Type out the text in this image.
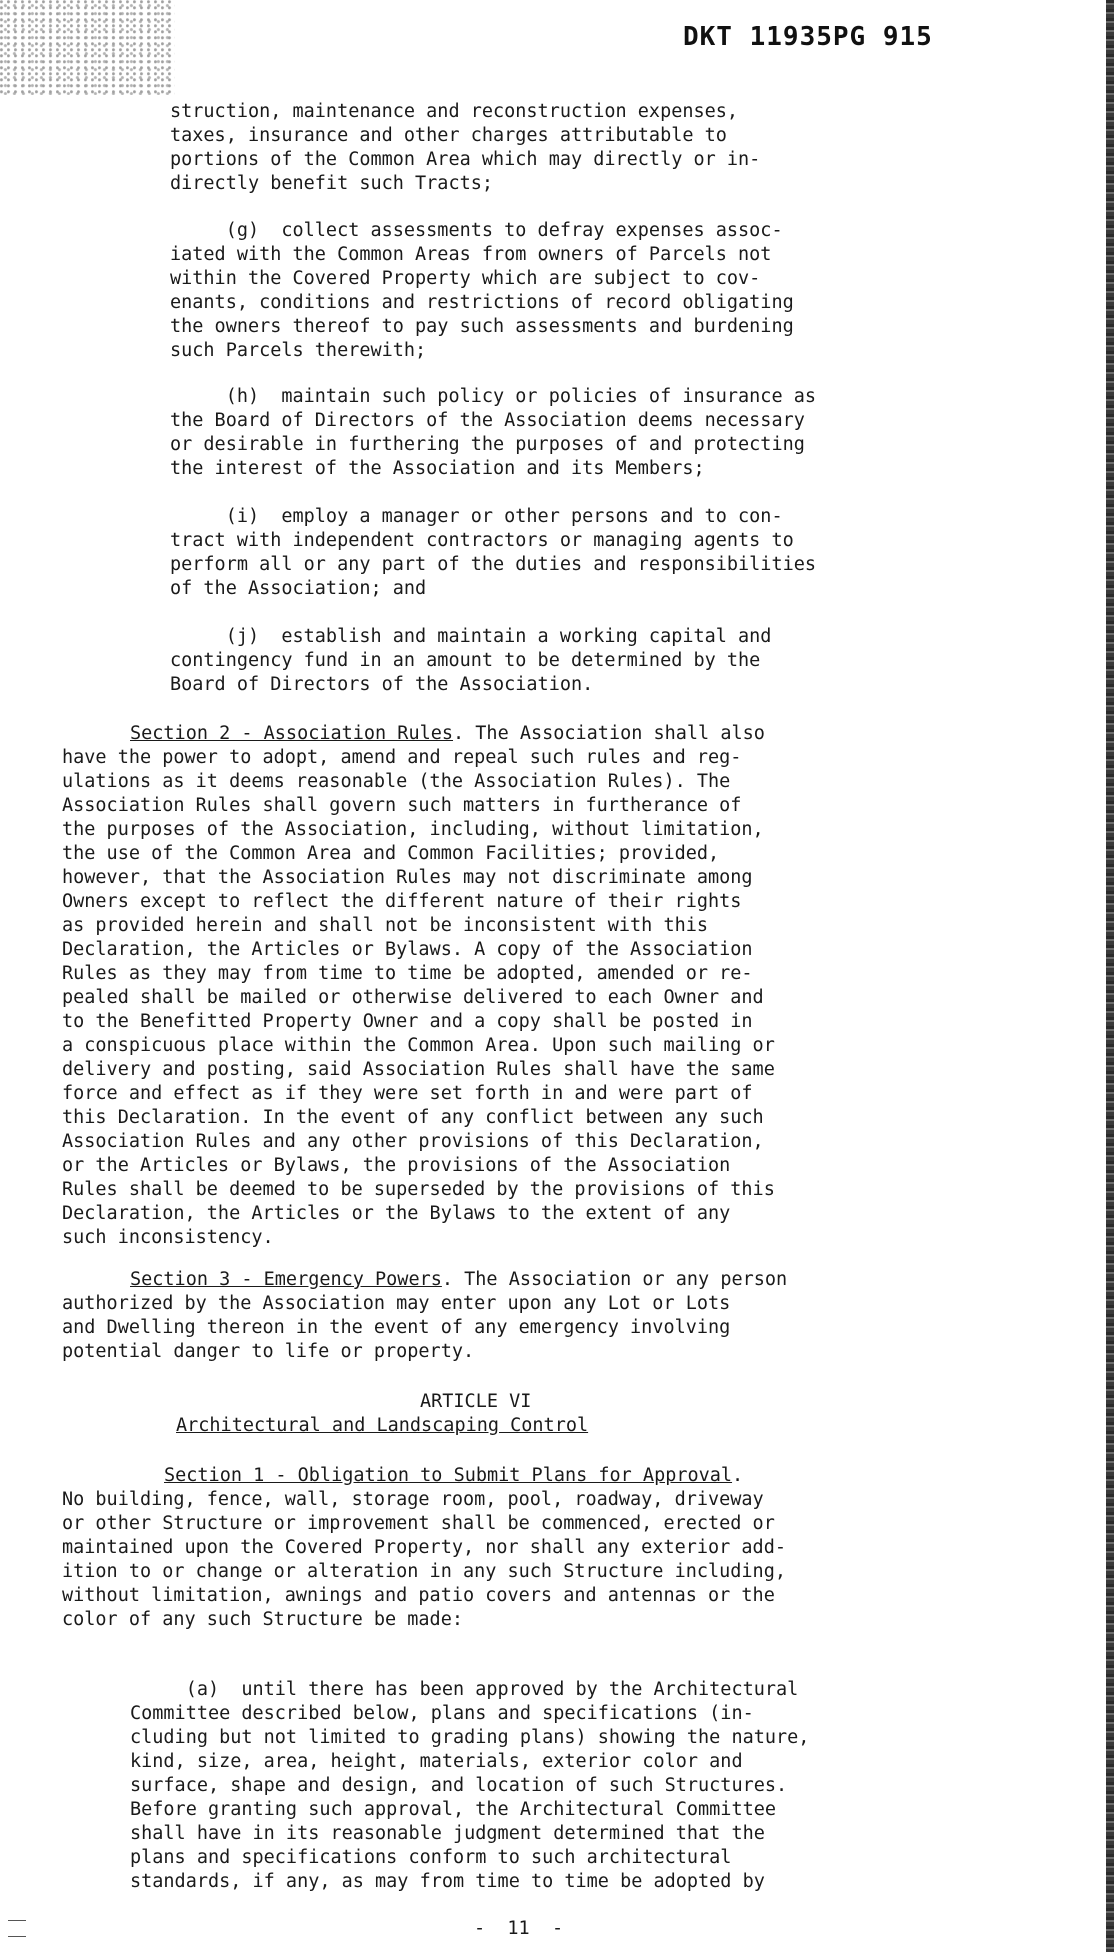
DKT 11935PG 915

struction, maintenance and reconstruction expenses,
taxes, insurance and other charges attributable to
portions of the Common Area which may directly or in-
directly benefit such Tracts;

(g)  collect assessments to defray expenses assoc-
iated with the Common Areas from owners of Parcels not
within the Covered Property which are subject to cov-
enants, conditions and restrictions of record obligating
the owners thereof to pay such assessments and burdening
such Parcels therewith;

(h)  maintain such policy or policies of insurance as
the Board of Directors of the Association deems necessary
or desirable in furthering the purposes of and protecting
the interest of the Association and its Members;

(i)  employ a manager or other persons and to con-
tract with independent contractors or managing agents to
perform all or any part of the duties and responsibilities
of the Association; and

(j)  establish and maintain a working capital and
contingency fund in an amount to be determined by the
Board of Directors of the Association.

Section 2 - Association Rules. The Association shall also

have the power to adopt, amend and repeal such rules and reg-
ulations as it deems reasonable (the Association Rules). The
Association Rules shall govern such matters in furtherance of
the purposes of the Association, including, without limitation,
the use of the Common Area and Common Facilities; provided,
however, that the Association Rules may not discriminate among
Owners except to reflect the different nature of their rights
as provided herein and shall not be inconsistent with this
Declaration, the Articles or Bylaws. A copy of the Association
Rules as they may from time to time be adopted, amended or re-
pealed shall be mailed or otherwise delivered to each Owner and
to the Benefitted Property Owner and a copy shall be posted in
a conspicuous place within the Common Area. Upon such mailing or
delivery and posting, said Association Rules shall have the same
force and effect as if they were set forth in and were part of
this Declaration. In the event of any conflict between any such
Association Rules and any other provisions of this Declaration,
or the Articles or Bylaws, the provisions of the Association
Rules shall be deemed to be superseded by the provisions of this
Declaration, the Articles or the Bylaws to the extent of any
such inconsistency.

Section 3 - Emergency Powers. The Association or any person

authorized by the Association may enter upon any Lot or Lots
and Dwelling thereon in the event of any emergency involving
potential danger to life or property.

ARTICLE VI

Architectural and Landscaping Control

Section 1 - Obligation to Submit Plans for Approval.

No building, fence, wall, storage room, pool, roadway, driveway
or other Structure or improvement shall be commenced, erected or
maintained upon the Covered Property, nor shall any exterior add-
ition to or change or alteration in any such Structure including,
without limitation, awnings and patio covers and antennas or the
color of any such Structure be made:

(a)  until there has been approved by the Architectural
Committee described below, plans and specifications (in-
cluding but not limited to grading plans) showing the nature,
kind, size, area, height, materials, exterior color and
surface, shape and design, and location of such Structures.
Before granting such approval, the Architectural Committee
shall have in its reasonable judgment determined that the
plans and specifications conform to such architectural
standards, if any, as may from time to time be adopted by

-  11  -
